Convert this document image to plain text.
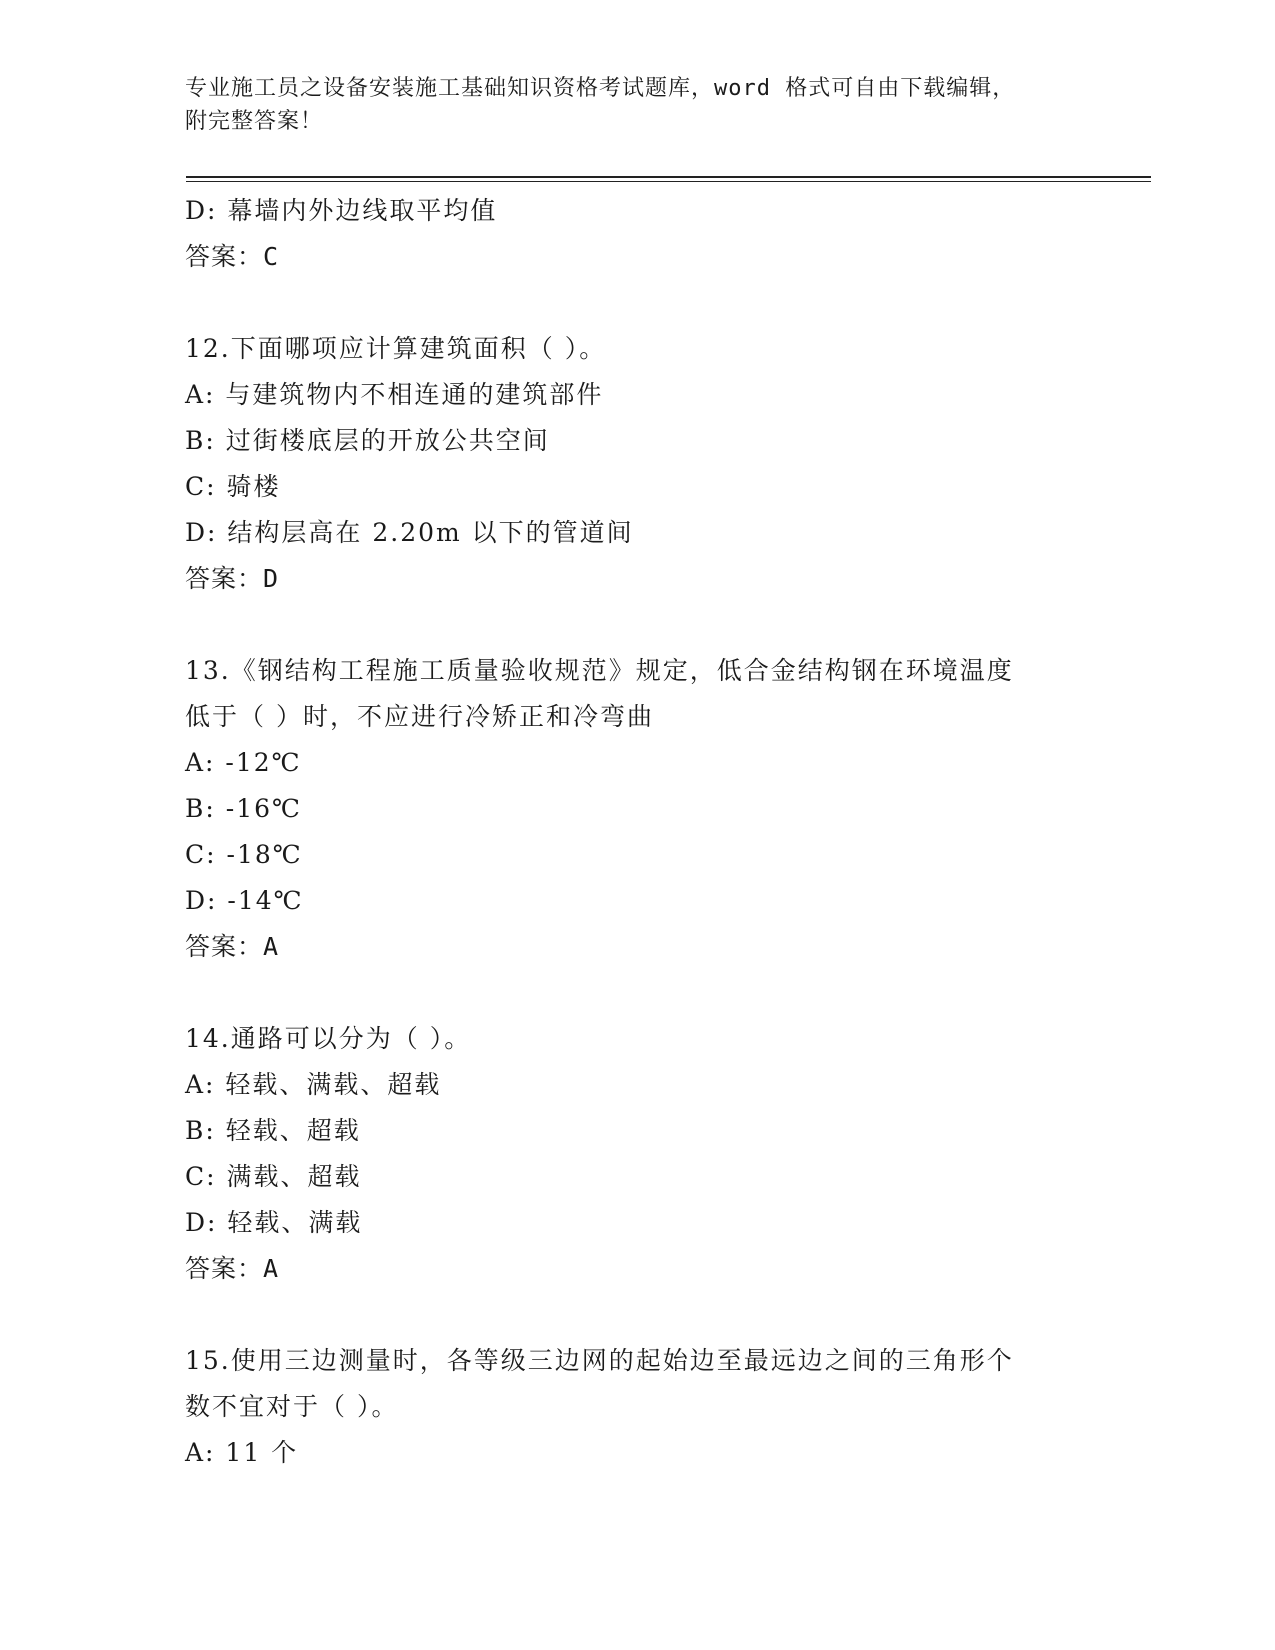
专业施工员之设备安装施工基础知识资格考试题库，word 格式可自由下载编辑，
附完整答案！
D: 幕墙内外边线取平均值
答案：C
12.下面哪项应计算建筑面积（ ）。
A: 与建筑物内不相连通的建筑部件
B: 过街楼底层的开放公共空间
C: 骑楼
D: 结构层高在 2.20m 以下的管道间
答案：D
13.《钢结构工程施工质量验收规范》规定，低合金结构钢在环境温度
低于（ ）时，不应进行冷矫正和冷弯曲
A: -12℃
B: -16℃
C: -18℃
D: -14℃
答案：A
14.通路可以分为（ ）。
A: 轻载、满载、超载
B: 轻载、超载
C: 满载、超载
D: 轻载、满载
答案：A
15.使用三边测量时，各等级三边网的起始边至最远边之间的三角形个
数不宜对于（ ）。
A: 11 个
